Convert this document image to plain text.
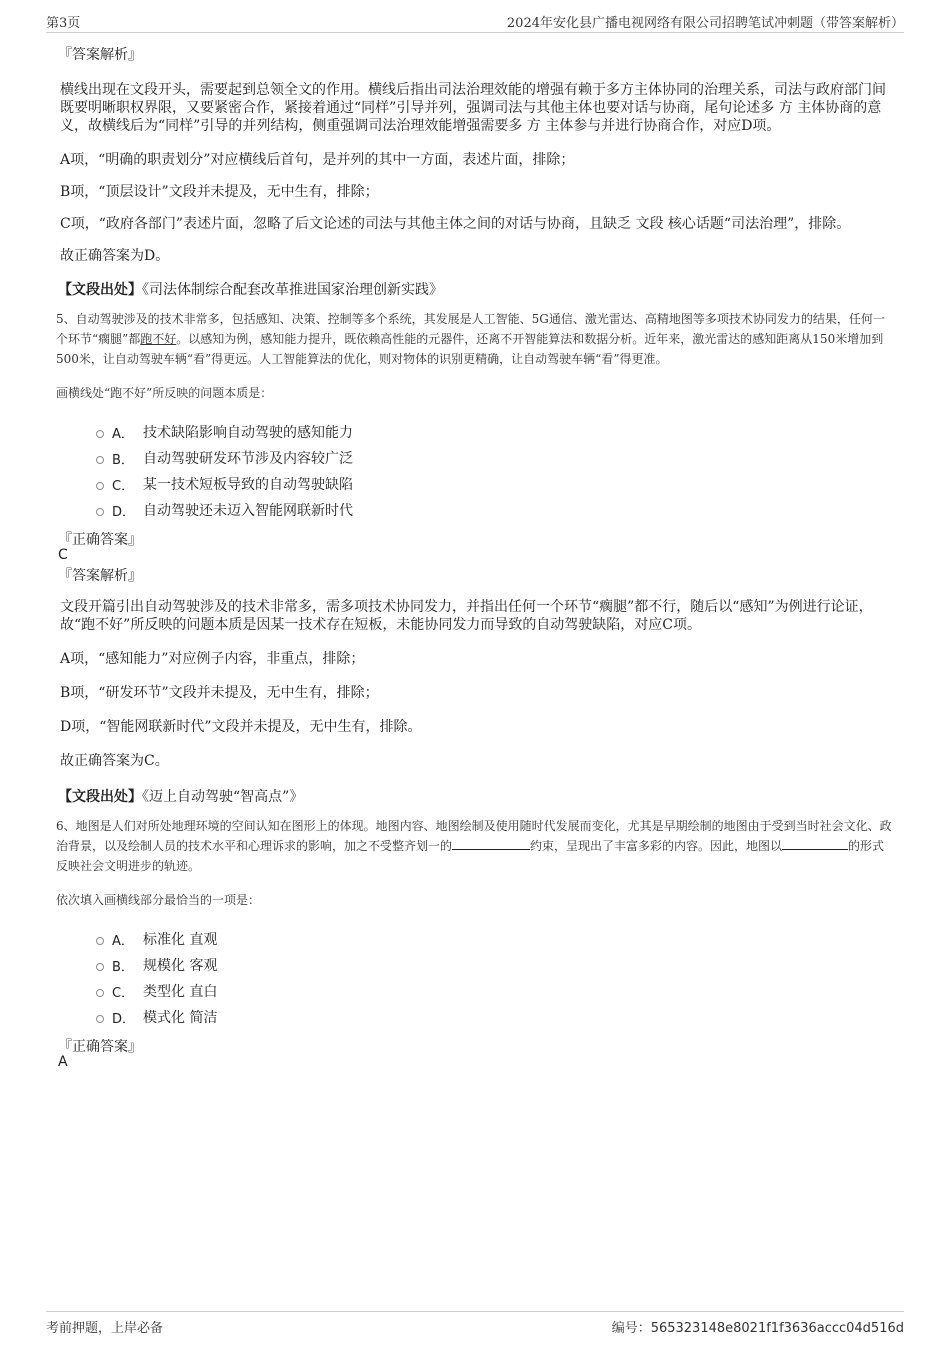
第3页	2024年安化县广播电视网络有限公司招聘笔试冲刺题（带答案解析）
『答案解析』

横线出现在文段开头，需要起到总领全文的作用。横线后指出司法治理效能的增强有赖于多方主体协同的治理关系，司法与政府部门间既要明晰职权界限，又要紧密合作，紧接着通过“同样”引导并列，强调司法与其他主体也要对话与协商，尾句论述多 方 主体协商的意义，故横线后为“同样”引导的并列结构，侧重强调司法治理效能增强需要多 方 主体参与并进行协商合作，对应D项。

A项，“明确的职责划分”对应横线后首句，是并列的其中一方面，表述片面，排除；

B项，“顶层设计”文段并未提及，无中生有，排除；

C项，“政府各部门”表述片面，忽略了后文论述的司法与其他主体之间的对话与协商，且缺乏 文段 核心话题“司法治理”，排除。

故正确答案为D。

【文段出处】《司法体制综合配套改革推进国家治理创新实践》

5、自动驾驶涉及的技术非常多，包括感知、决策、控制等多个系统，其发展是人工智能、5G通信、激光雷达、高精地图等多项技术协同发力的结果，任何一个环节“瘸腿”都跑不好。以感知为例，感知能力提升，既依赖高性能的元器件，还离不开智能算法和数据分析。近年来，激光雷达的感知距离从150米增加到500米，让自动驾驶车辆“看”得更远。人工智能算法的优化，则对物体的识别更精确，让自动驾驶车辆“看”得更准。

画横线处“跑不好”所反映的问题本质是：

A． 技术缺陷影响自动驾驶的感知能力
B． 自动驾驶研发环节涉及内容较广泛
C． 某一技术短板导致的自动驾驶缺陷
D． 自动驾驶还未迈入智能网联新时代
『正确答案』
C
『答案解析』

文段开篇引出自动驾驶涉及的技术非常多，需多项技术协同发力，并指出任何一个环节“瘸腿”都不行，随后以“感知”为例进行论证，故“跑不好”所反映的问题本质是因某一技术存在短板，未能协同发力而导致的自动驾驶缺陷，对应C项。

A项，“感知能力”对应例子内容，非重点，排除；

B项，“研发环节”文段并未提及，无中生有，排除；

D项，“智能网联新时代”文段并未提及，无中生有，排除。

故正确答案为C。

【文段出处】《迈上自动驾驶“智高点”》

6、地图是人们对所处地理环境的空间认知在图形上的体现。地图内容、地图绘制及使用随时代发展而变化，尤其是早期绘制的地图由于受到当时社会文化、政治背景，以及绘制人员的技术水平和心理诉求的影响，加之不受整齐划一的	约束，呈现出了丰富多彩的内容。因此，地图以	的形式反映社会文明进步的轨迹。

依次填入画横线部分最恰当的一项是：

A． 标准化 直观
B． 规模化 客观
C． 类型化 直白
D． 模式化 简洁
『正确答案』
A
考前押题，上岸必备	编号：565323148e8021f1f3636accc04d516d
